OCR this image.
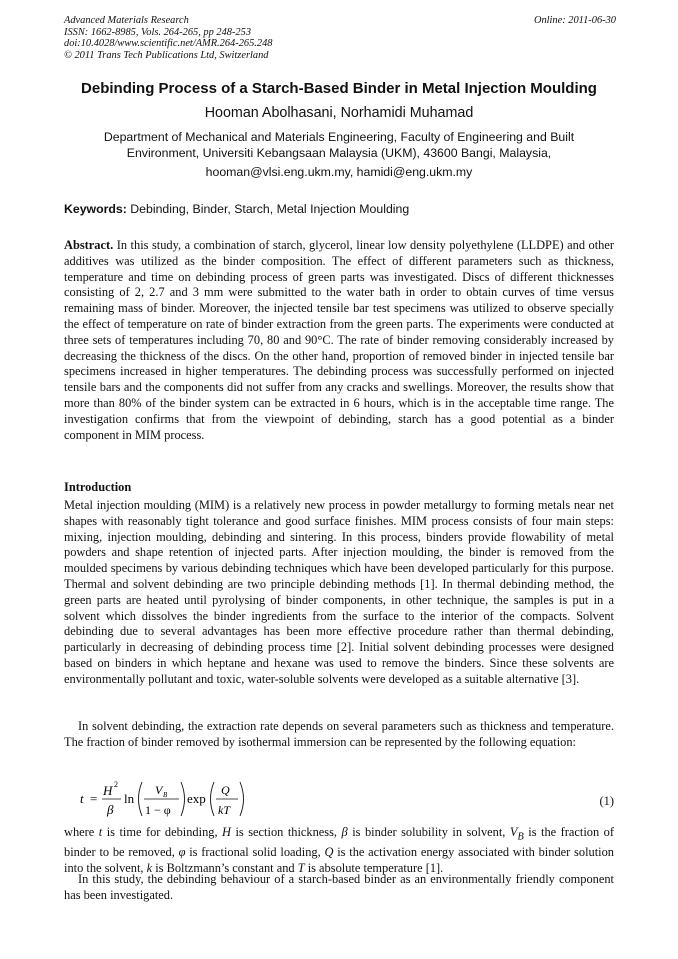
Advanced Materials Research
ISSN: 1662-8985, Vols. 264-265, pp 248-253
doi:10.4028/www.scientific.net/AMR.264-265.248
© 2011 Trans Tech Publications Ltd, Switzerland
Online: 2011-06-30
Debinding Process of a Starch-Based Binder in Metal Injection Moulding
Hooman Abolhasani, Norhamidi Muhamad
Department of Mechanical and Materials Engineering, Faculty of Engineering and Built Environment, Universiti Kebangsaan Malaysia (UKM), 43600 Bangi, Malaysia,
hooman@vlsi.eng.ukm.my, hamidi@eng.ukm.my
Keywords: Debinding, Binder, Starch, Metal Injection Moulding
Abstract. In this study, a combination of starch, glycerol, linear low density polyethylene (LLDPE) and other additives was utilized as the binder composition. The effect of different parameters such as thickness, temperature and time on debinding process of green parts was investigated. Discs of different thicknesses consisting of 2, 2.7 and 3 mm were submitted to the water bath in order to obtain curves of time versus remaining mass of binder. Moreover, the injected tensile bar test specimens was utilized to observe specially the effect of temperature on rate of binder extraction from the green parts. The experiments were conducted at three sets of temperatures including 70, 80 and 90°C. The rate of binder removing considerably increased by decreasing the thickness of the discs. On the other hand, proportion of removed binder in injected tensile bar specimens increased in higher temperatures. The debinding process was successfully performed on injected tensile bars and the components did not suffer from any cracks and swellings. Moreover, the results show that more than 80% of the binder system can be extracted in 6 hours, which is in the acceptable time range. The investigation confirms that from the viewpoint of debinding, starch has a good potential as a binder component in MIM process.
Introduction
Metal injection moulding (MIM) is a relatively new process in powder metallurgy to forming metals near net shapes with reasonably tight tolerance and good surface finishes. MIM process consists of four main steps: mixing, injection moulding, debinding and sintering. In this process, binders provide flowability of metal powders and shape retention of injected parts. After injection moulding, the binder is removed from the moulded specimens by various debinding techniques which have been developed particularly for this purpose. Thermal and solvent debinding are two principle debinding methods [1]. In thermal debinding method, the green parts are heated until pyrolysing of binder components, in other technique, the samples is put in a solvent which dissolves the binder ingredients from the surface to the interior of the compacts. Solvent debinding due to several advantages has been more effective procedure rather than thermal debinding, particularly in decreasing of debinding process time [2]. Initial solvent debinding processes were designed based on binders in which heptane and hexane was used to remove the binders. Since these solvents are environmentally pollutant and toxic, water-soluble solvents were developed as a suitable alternative [3].
In solvent debinding, the extraction rate depends on several parameters such as thickness and temperature. The fraction of binder removed by isothermal immersion can be represented by the following equation:
t =
H 2
β
ln
V B
1 − φ
exp
Q
kT
(1)
where t is time for debinding, H is section thickness, β is binder solubility in solvent, $V_B$ is the fraction of binder to be removed, φ is fractional solid loading, Q is the activation energy associated with binder solution into the solvent, k is Boltzmann’s constant and T is absolute temperature [1].
In this study, the debinding behaviour of a starch-based binder as an environmentally friendly component has been investigated.
